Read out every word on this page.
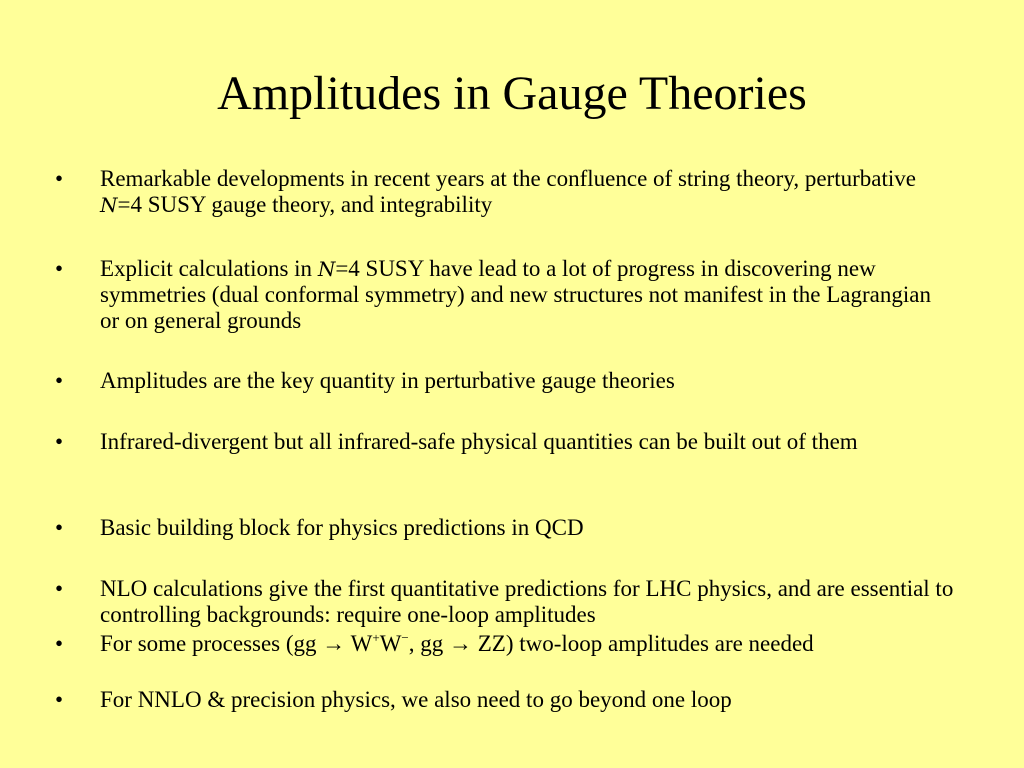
Amplitudes in Gauge Theories
•	Remarkable developments in recent years at the confluence of string theory, perturbative N=4 SUSY gauge theory, and integrability
•	Explicit calculations in N=4 SUSY have lead to a lot of progress in discovering new symmetries (dual conformal symmetry) and new structures not manifest in the Lagrangian or on general grounds
•	Amplitudes are the key quantity in perturbative gauge theories
•	Infrared-divergent but all infrared-safe physical quantities can be built out of them
•	Basic building block for physics predictions in QCD
•	NLO calculations give the first quantitative predictions for LHC physics, and are essential to controlling backgrounds: require one-loop amplitudes
•	For some processes (gg → W+W−, gg → ZZ) two-loop amplitudes are needed
•	For NNLO & precision physics, we also need to go beyond one loop
